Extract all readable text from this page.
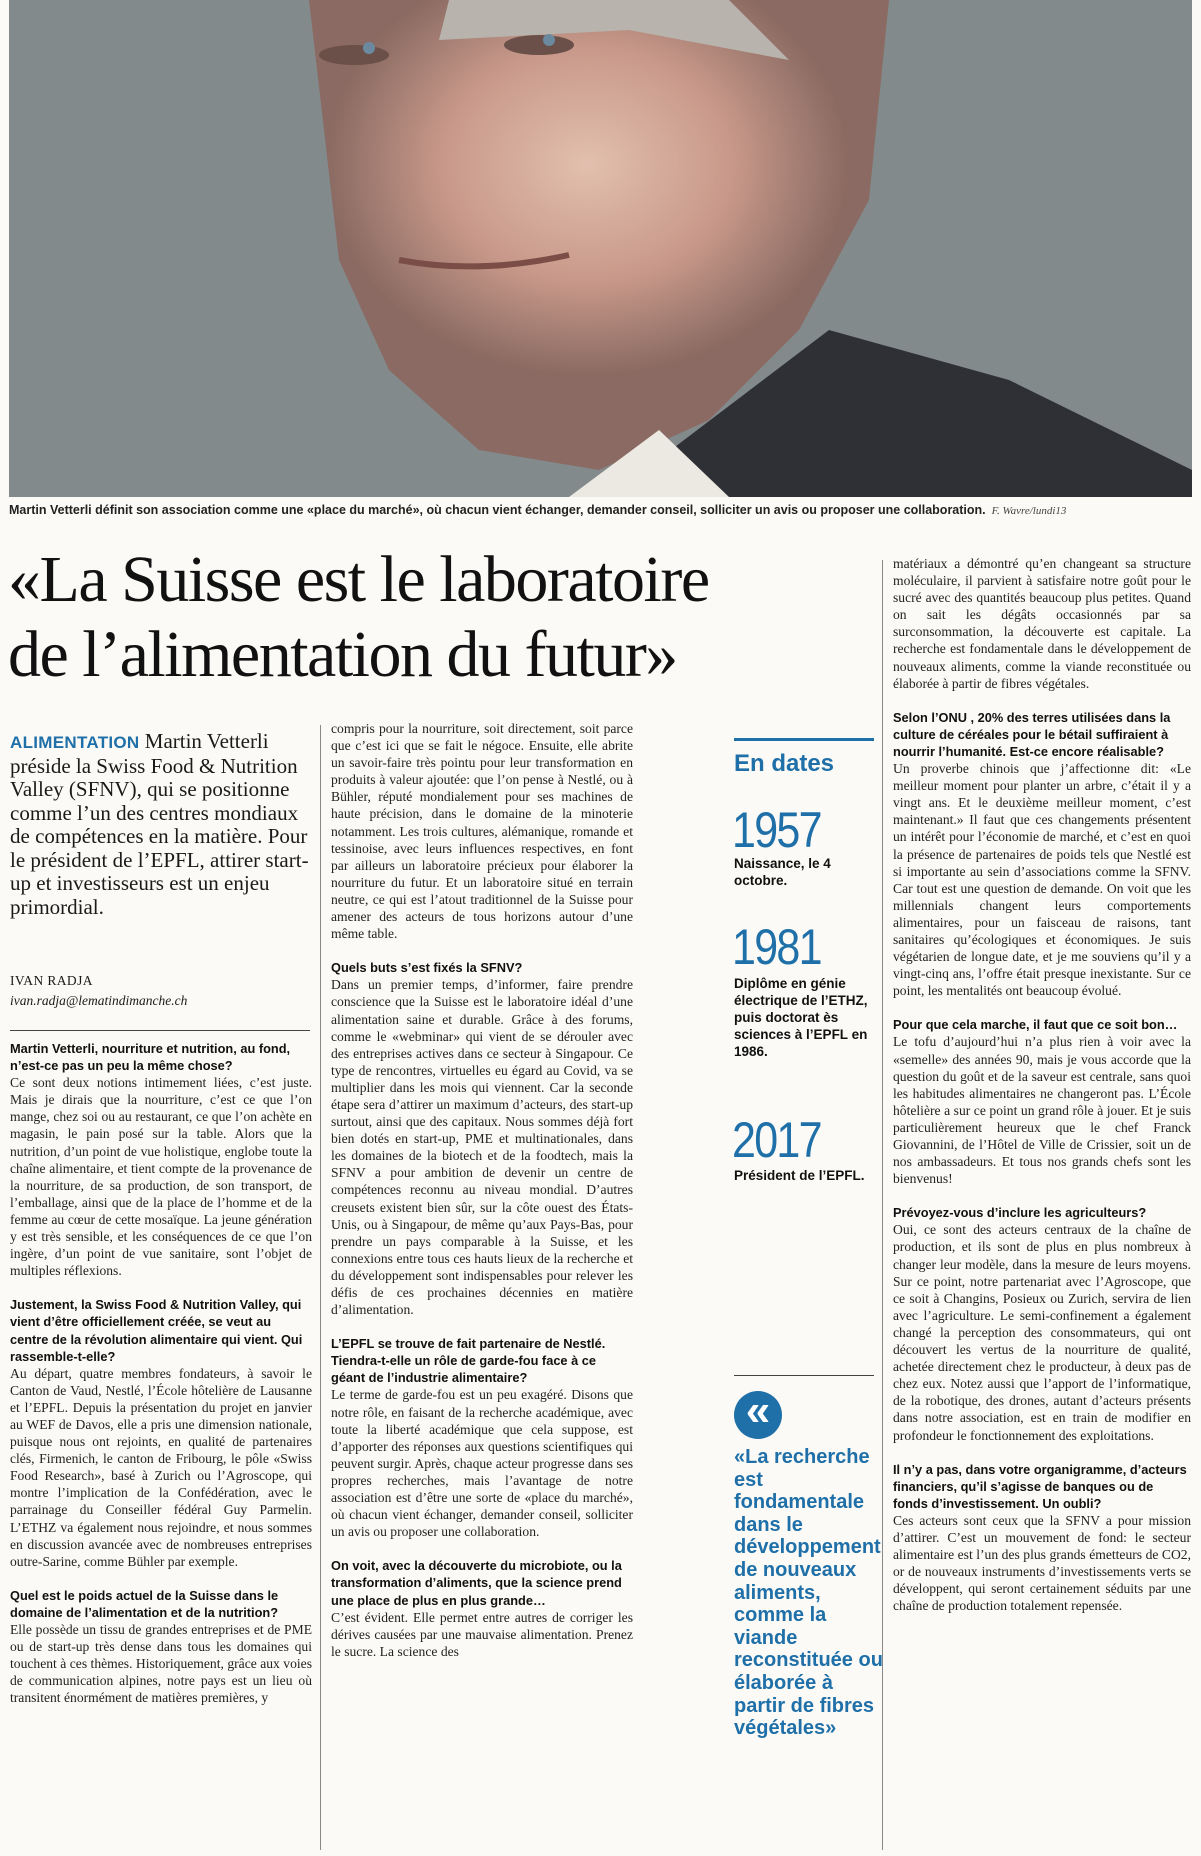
Martin Vetterli définit son association comme une «place du marché», où chacun vient échanger, demander conseil, solliciter un avis ou proposer une collaboration. F. Wavre/lundi13
«La Suisse est le laboratoire
de l’alimentation du futur»
ALIMENTATION Martin Vetterli préside la Swiss Food & Nutrition Valley (SFNV), qui se positionne comme l’un des centres mondiaux de compétences en la matière. Pour le président de l’EPFL, attirer start-up et investisseurs est un enjeu primordial.
IVAN RADJA
ivan.radja@lematindimanche.ch

Martin Vetterli, nourriture et nutrition, au fond, n’est-ce pas un peu la même chose?
Ce sont deux notions intimement liées, c’est juste. Mais je dirais que la nourriture, c’est ce que l’on mange, chez soi ou au restaurant, ce que l’on achète en magasin, le pain posé sur la table. Alors que la nutrition, d’un point de vue holistique, englobe toute la chaîne alimentaire, et tient compte de la provenance de la nourriture, de sa production, de son transport, de l’emballage, ainsi que de la place de l’homme et de la femme au cœur de cette mosaïque. La jeune génération y est très sensible, et les conséquences de ce que l’on ingère, d’un point de vue sanitaire, sont l’objet de multiples réflexions.

Justement, la Swiss Food & Nutrition Valley, qui vient d’être officiellement créée, se veut au centre de la révolution alimentaire qui vient. Qui rassemble-t-elle?
Au départ, quatre membres fondateurs, à savoir le Canton de Vaud, Nestlé, l’École hôtelière de Lausanne et l’EPFL. Depuis la présentation du projet en janvier au WEF de Davos, elle a pris une dimension nationale, puisque nous ont rejoints, en qualité de partenaires clés, Firmenich, le canton de Fribourg, le pôle «Swiss Food Research», basé à Zurich ou l’Agroscope, qui montre l’implication de la Confédération, avec le parrainage du Conseiller fédéral Guy Parmelin. L’ETHZ va également nous rejoindre, et nous sommes en discussion avancée avec de nombreuses entreprises outre-Sarine, comme Bühler par exemple.

Quel est le poids actuel de la Suisse dans le domaine de l’alimentation et de la nutrition?
Elle possède un tissu de grandes entreprises et de PME ou de start-up très dense dans tous les domaines qui touchent à ces thèmes. Historiquement, grâce aux voies de communication alpines, notre pays est un lieu où transitent énormément de matières premières, y

compris pour la nourriture, soit directement, soit parce que c’est ici que se fait le négoce. Ensuite, elle abrite un savoir-faire très pointu pour leur transformation en produits à valeur ajoutée: que l’on pense à Nestlé, ou à Bühler, réputé mondialement pour ses machines de haute précision, dans le domaine de la minoterie notamment. Les trois cultures, alémanique, romande et tessinoise, avec leurs influences respectives, en font par ailleurs un laboratoire précieux pour élaborer la nourriture du futur. Et un laboratoire situé en terrain neutre, ce qui est l’atout traditionnel de la Suisse pour amener des acteurs de tous horizons autour d’une même table.

Quels buts s’est fixés la SFNV?
Dans un premier temps, d’informer, faire prendre conscience que la Suisse est le laboratoire idéal d’une alimentation saine et durable. Grâce à des forums, comme le «webminar» qui vient de se dérouler avec des entreprises actives dans ce secteur à Singapour. Ce type de rencontres, virtuelles eu égard au Covid, va se multiplier dans les mois qui viennent. Car la seconde étape sera d’attirer un maximum d’acteurs, des start-up surtout, ainsi que des capitaux. Nous sommes déjà fort bien dotés en start-up, PME et multinationales, dans les domaines de la biotech et de la foodtech, mais la SFNV a pour ambition de devenir un centre de compétences reconnu au niveau mondial. D’autres creusets existent bien sûr, sur la côte ouest des États-Unis, ou à Singapour, de même qu’aux Pays-Bas, pour prendre un pays comparable à la Suisse, et les connexions entre tous ces hauts lieux de la recherche et du développement sont indispensables pour relever les défis de ces prochaines décennies en matière d’alimentation.

L’EPFL se trouve de fait partenaire de Nestlé. Tiendra-t-elle un rôle de garde-fou face à ce géant de l’industrie alimentaire?
Le terme de garde-fou est un peu exagéré. Disons que notre rôle, en faisant de la recherche académique, avec toute la liberté académique que cela suppose, est d’apporter des réponses aux questions scientifiques qui peuvent surgir. Après, chaque acteur progresse dans ses propres recherches, mais l’avantage de notre association est d’être une sorte de «place du marché», où chacun vient échanger, demander conseil, solliciter un avis ou proposer une collaboration.

On voit, avec la découverte du microbiote, ou la transformation d’aliments, que la science prend une place de plus en plus grande…
C’est évident. Elle permet entre autres de corriger les dérives causées par une mauvaise alimentation. Prenez le sucre. La science des

En dates
1957
Naissance, le 4 octobre.
1981
Diplôme en génie électrique de l’ETHZ, puis doctorat ès sciences à l’EPFL en 1986.
2017
Président de l’EPFL.
«
«La recherche est fondamentale dans le développement de nouveaux aliments, comme la viande reconstituée ou élaborée à partir de fibres végétales»

matériaux a démontré qu’en changeant sa structure moléculaire, il parvient à satisfaire notre goût pour le sucré avec des quantités beaucoup plus petites. Quand on sait les dégâts occasionnés par sa surconsommation, la découverte est capitale. La recherche est fondamentale dans le développement de nouveaux aliments, comme la viande reconstituée ou élaborée à partir de fibres végétales.

Selon l’ONU , 20% des terres utilisées dans la culture de céréales pour le bétail suffiraient à nourrir l’humanité. Est-ce encore réalisable?
Un proverbe chinois que j’affectionne dit: «Le meilleur moment pour planter un arbre, c’était il y a vingt ans. Et le deuxième meilleur moment, c’est maintenant.» Il faut que ces changements présentent un intérêt pour l’économie de marché, et c’est en quoi la présence de partenaires de poids tels que Nestlé est si importante au sein d’associations comme la SFNV. Car tout est une question de demande. On voit que les millennials changent leurs comportements alimentaires, pour un faisceau de raisons, tant sanitaires qu’écologiques et économiques. Je suis végétarien de longue date, et je me souviens qu’il y a vingt-cinq ans, l’offre était presque inexistante. Sur ce point, les mentalités ont beaucoup évolué.

Pour que cela marche, il faut que ce soit bon…
Le tofu d’aujourd’hui n’a plus rien à voir avec la «semelle» des années 90, mais je vous accorde que la question du goût et de la saveur est centrale, sans quoi les habitudes alimentaires ne changeront pas. L’École hôtelière a sur ce point un grand rôle à jouer. Et je suis particulièrement heureux que le chef Franck Giovannini, de l’Hôtel de Ville de Crissier, soit un de nos ambassadeurs. Et tous nos grands chefs sont les bienvenus!

Prévoyez-vous d’inclure les agriculteurs?
Oui, ce sont des acteurs centraux de la chaîne de production, et ils sont de plus en plus nombreux à changer leur modèle, dans la mesure de leurs moyens. Sur ce point, notre partenariat avec l’Agroscope, que ce soit à Changins, Posieux ou Zurich, servira de lien avec l’agriculture. Le semi-confinement a également changé la perception des consommateurs, qui ont découvert les vertus de la nourriture de qualité, achetée directement chez le producteur, à deux pas de chez eux. Notez aussi que l’apport de l’informatique, de la robotique, des drones, autant d’acteurs présents dans notre association, est en train de modifier en profondeur le fonctionnement des exploitations.

Il n’y a pas, dans votre organigramme, d’acteurs financiers, qu’il s’agisse de banques ou de fonds d’investissement. Un oubli?
Ces acteurs sont ceux que la SFNV a pour mission d’attirer. C’est un mouvement de fond: le secteur alimentaire est l’un des plus grands émetteurs de CO2, or de nouveaux instruments d’investissements verts se développent, qui seront certainement séduits par une chaîne de production totalement repensée.
